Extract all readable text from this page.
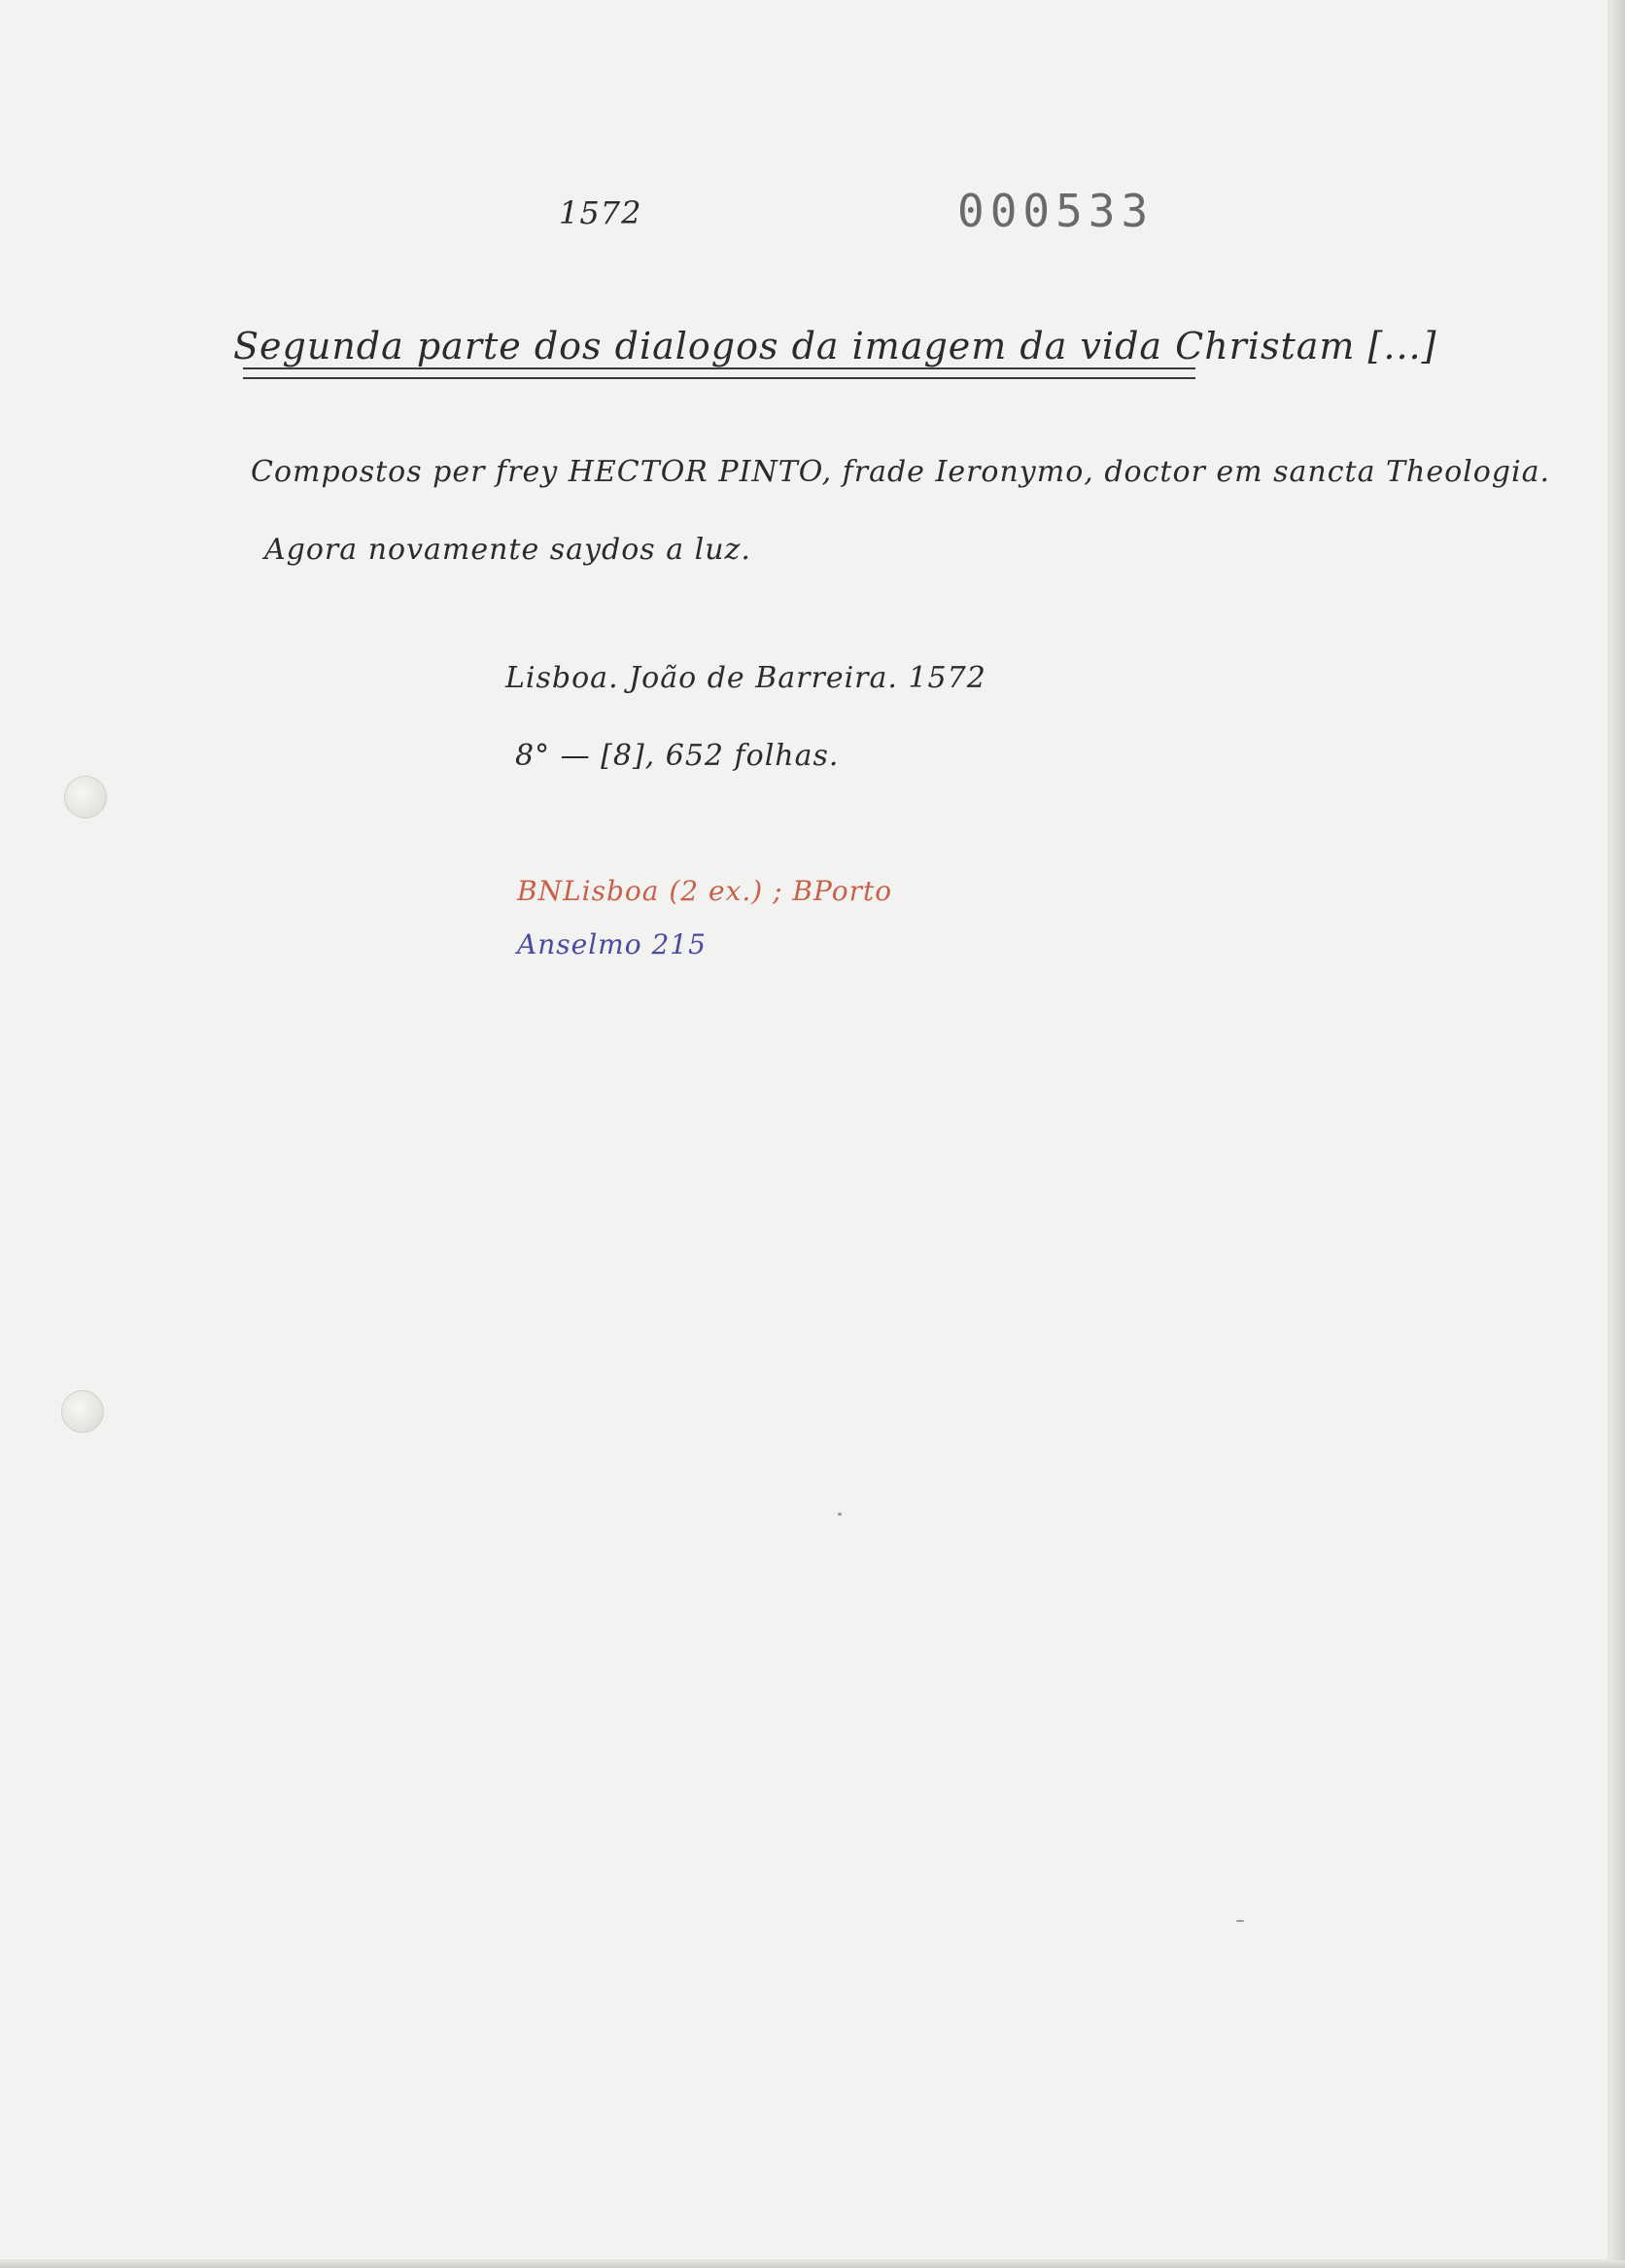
1572	000533
Segunda parte dos dialogos da imagem da vida Christam [...]
Compostos per frey HECTOR PINTO, frade Ieronymo, doctor em sancta Theologia.
Agora novamente saydos a luz.
Lisboa. João de Barreira. 1572
8° — [8], 652 folhas.
BNLisboa (2 ex.) ; BPorto
Anselmo 215
